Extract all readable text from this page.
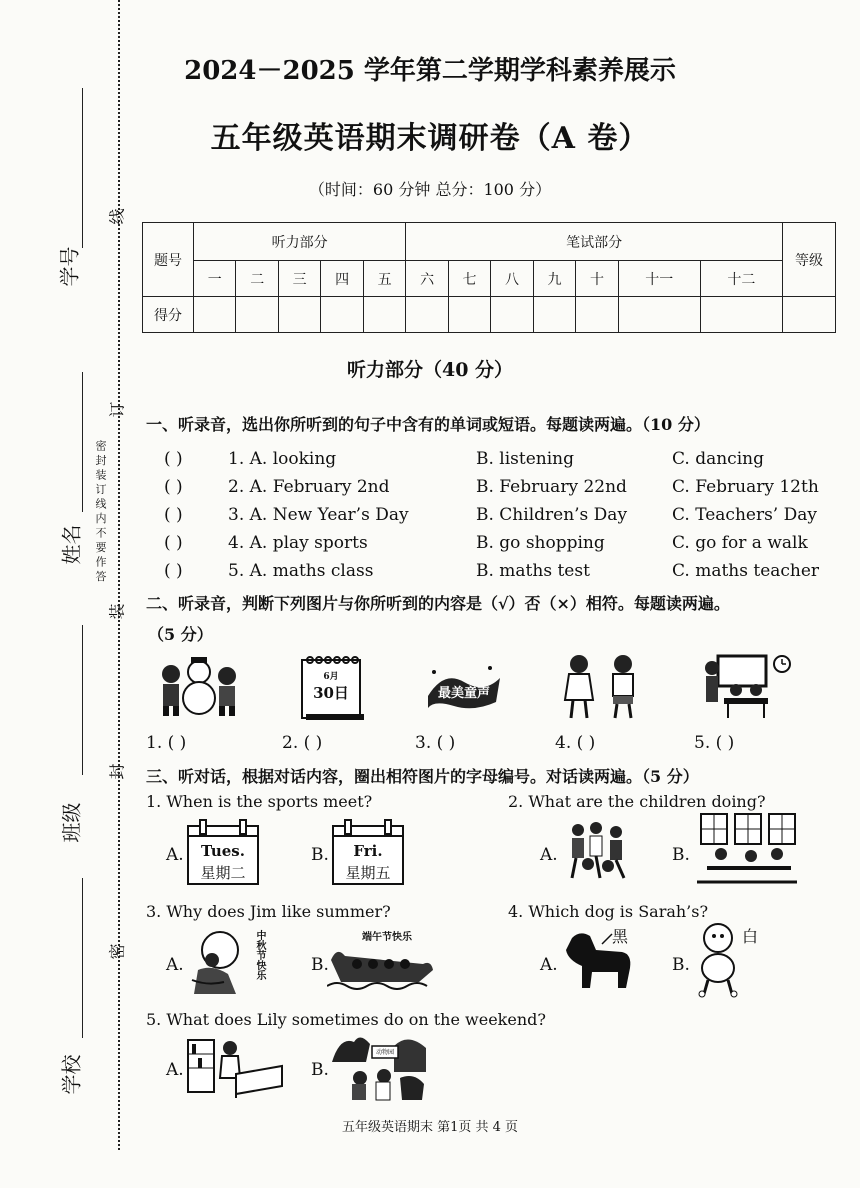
学号
姓名
班级
学校
线
订
装
封
密
密 封 装 订 线 内 不 要 作 答
2024－2025 学年第二学期学科素养展示
五年级英语期末调研卷（A 卷）
（时间：60 分钟 总分：100 分）
题号	听力部分					笔试部分							等级
	一	二	三	四	五	六	七	八	九	十	十一	十二	
得分													
听力部分（40 分）
一、听录音，选出你所听到的句子中含有的单词或短语。每题读两遍。（10 分）
( )	1. A. looking	B. listening	C. dancing
( )	2. A. February 2nd	B. February 22nd	C. February 12th
( )	3. A. New Year’s Day	B. Children’s Day	C. Teachers’ Day
( )	4. A. play sports	B. go shopping	C. go for a walk
( )	5. A. maths class	B. maths test	C. maths teacher
二、听录音，判断下列图片与你所听到的内容是（√）否（×）相符。每题读两遍。
（5 分）
6月
30日	最美童声
1. ( )	2. ( )	3. ( )	4. ( )	5. ( )
三、听对话，根据对话内容，圈出相符图片的字母编号。对话读两遍。（5 分）
1. When is the sports meet?	2. What are the children doing?
A.	Tues.
星期二
B.	Fri.
星期五
A.	B.
3. Why does Jim like summer?	4. Which dog is Sarah’s?
A.	中秋节快乐	B.
端午节快乐
A.
黑
B.
白
5. What does Lily sometimes do on the weekend?
A.	B.
动物园
五年级英语期末 第1页 共 4 页
